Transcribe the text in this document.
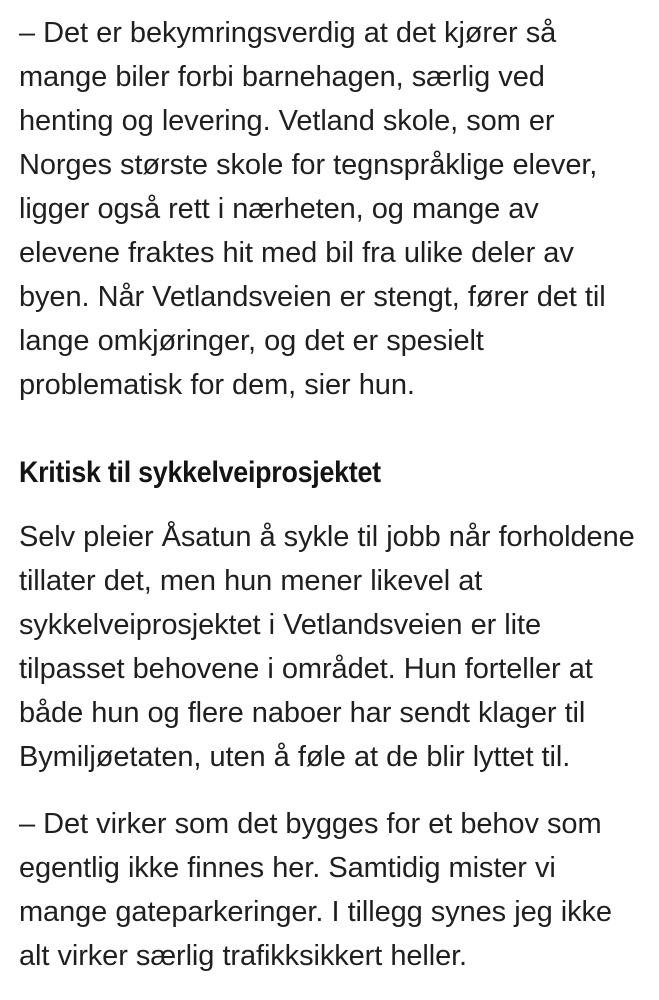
– Det er bekymringsverdig at det kjører så mange biler forbi barnehagen, særlig ved henting og levering. Vetland skole, som er Norges største skole for tegnspråklige elever, ligger også rett i nærheten, og mange av elevene fraktes hit med bil fra ulike deler av byen. Når Vetlandsveien er stengt, fører det til lange omkjøringer, og det er spesielt problematisk for dem, sier hun.

Kritisk til sykkelveiprosjektet

Selv pleier Åsatun å sykle til jobb når forholdene tillater det, men hun mener likevel at sykkelveiprosjektet i Vetlandsveien er lite tilpasset behovene i området. Hun forteller at både hun og flere naboer har sendt klager til Bymiljøetaten, uten å føle at de blir lyttet til.

– Det virker som det bygges for et behov som egentlig ikke finnes her. Samtidig mister vi mange gateparkeringer. I tillegg synes jeg ikke alt virker særlig trafikksikkert heller.
